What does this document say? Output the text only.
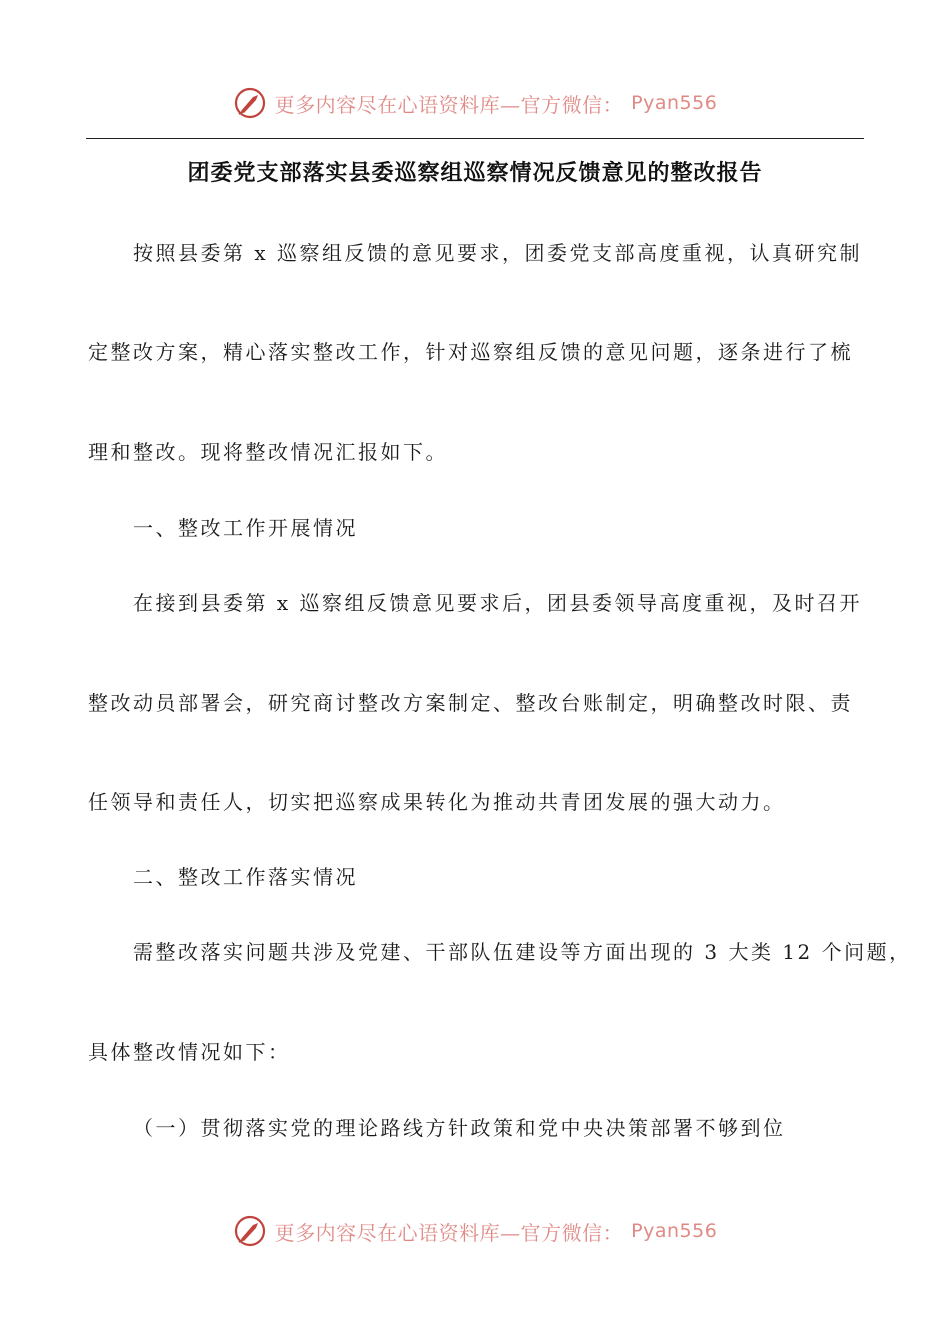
更多内容尽在心语资料库—官方微信： Pyan556
团委党支部落实县委巡察组巡察情况反馈意见的整改报告

按照县委第 x 巡察组反馈的意见要求，团委党支部高度重视，认真研究制

定整改方案，精心落实整改工作，针对巡察组反馈的意见问题，逐条进行了梳

理和整改。现将整改情况汇报如下。

一、整改工作开展情况

在接到县委第 x 巡察组反馈意见要求后，团县委领导高度重视，及时召开

整改动员部署会，研究商讨整改方案制定、整改台账制定，明确整改时限、责

任领导和责任人，切实把巡察成果转化为推动共青团发展的强大动力。

二、整改工作落实情况

需整改落实问题共涉及党建、干部队伍建设等方面出现的 3 大类 12 个问题，

具体整改情况如下：

（一）贯彻落实党的理论路线方针政策和党中央决策部署不够到位

更多内容尽在心语资料库—官方微信： Pyan556
